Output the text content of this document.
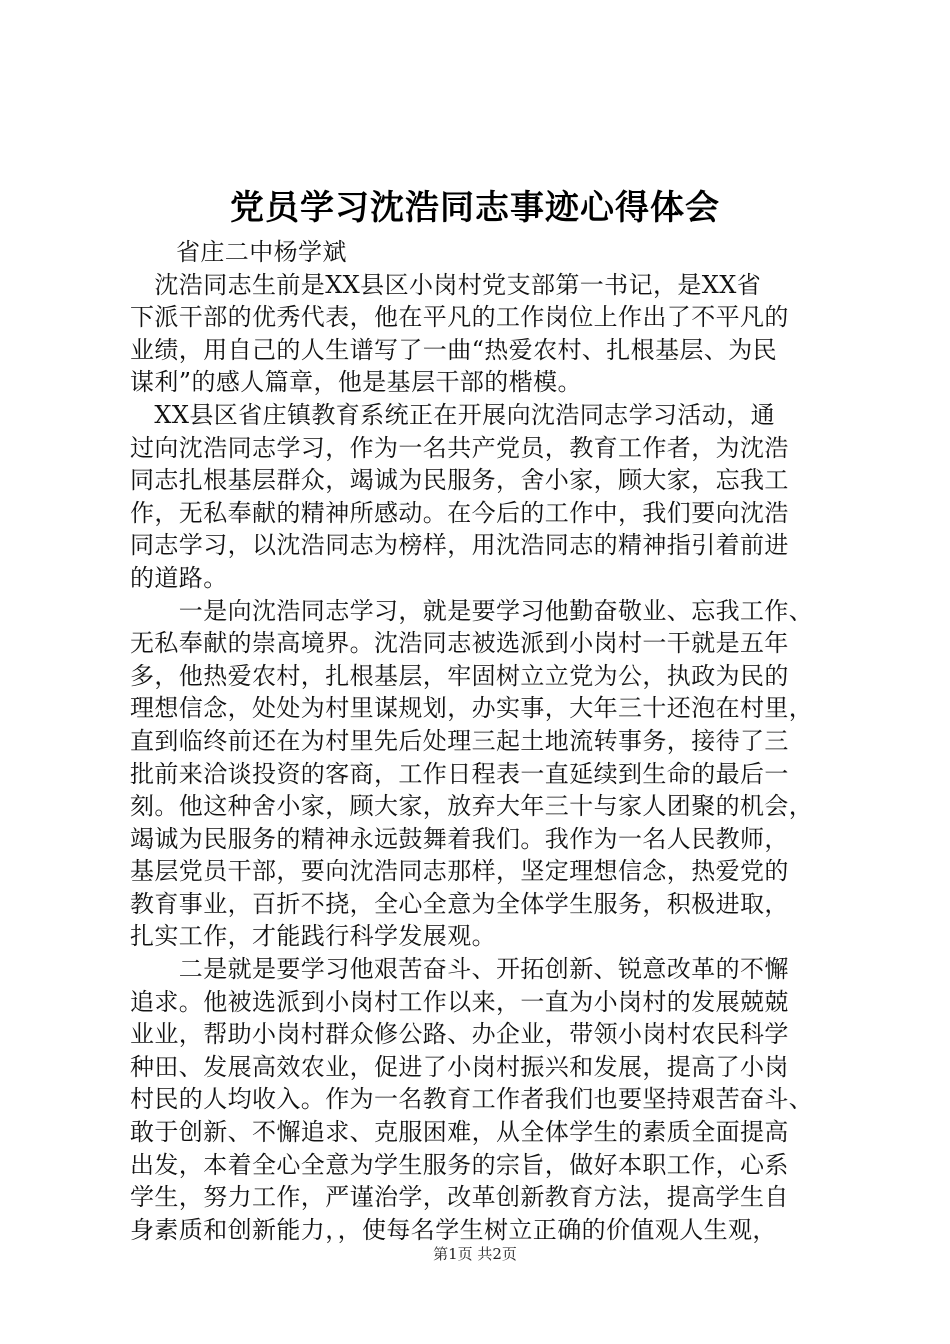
党员学习沈浩同志事迹心得体会
省庄二中杨学斌
　沈浩同志生前是XX县区小岗村党支部第一书记，是XX省
下派干部的优秀代表，他在平凡的工作岗位上作出了不平凡的
业绩，用自己的人生谱写了一曲“热爱农村、扎根基层、为民
谋利”的感人篇章，他是基层干部的楷模。
　XX县区省庄镇教育系统正在开展向沈浩同志学习活动，通
过向沈浩同志学习，作为一名共产党员，教育工作者，为沈浩
同志扎根基层群众，竭诚为民服务，舍小家，顾大家，忘我工
作，无私奉献的精神所感动。在今后的工作中，我们要向沈浩
同志学习，以沈浩同志为榜样，用沈浩同志的精神指引着前进
的道路。
　　一是向沈浩同志学习，就是要学习他勤奋敬业、忘我工作、
无私奉献的崇高境界。沈浩同志被选派到小岗村一干就是五年
多，他热爱农村，扎根基层，牢固树立立党为公，执政为民的
理想信念，处处为村里谋规划，办实事，大年三十还泡在村里，
直到临终前还在为村里先后处理三起土地流转事务，接待了三
批前来洽谈投资的客商，工作日程表一直延续到生命的最后一
刻。他这种舍小家，顾大家，放弃大年三十与家人团聚的机会，
竭诚为民服务的精神永远鼓舞着我们。我作为一名人民教师，
基层党员干部，要向沈浩同志那样，坚定理想信念，热爱党的
教育事业，百折不挠，全心全意为全体学生服务，积极进取，
扎实工作，才能践行科学发展观。
　　二是就是要学习他艰苦奋斗、开拓创新、锐意改革的不懈
追求。他被选派到小岗村工作以来，一直为小岗村的发展兢兢
业业，帮助小岗村群众修公路、办企业，带领小岗村农民科学
种田、发展高效农业，促进了小岗村振兴和发展，提高了小岗
村民的人均收入。作为一名教育工作者我们也要坚持艰苦奋斗、
敢于创新、不懈追求、克服困难，从全体学生的素质全面提高
出发，本着全心全意为学生服务的宗旨，做好本职工作，心系
学生，努力工作，严谨治学，改革创新教育方法，提高学生自
身素质和创新能力，，使每名学生树立正确的价值观人生观，
第1页 共2页
